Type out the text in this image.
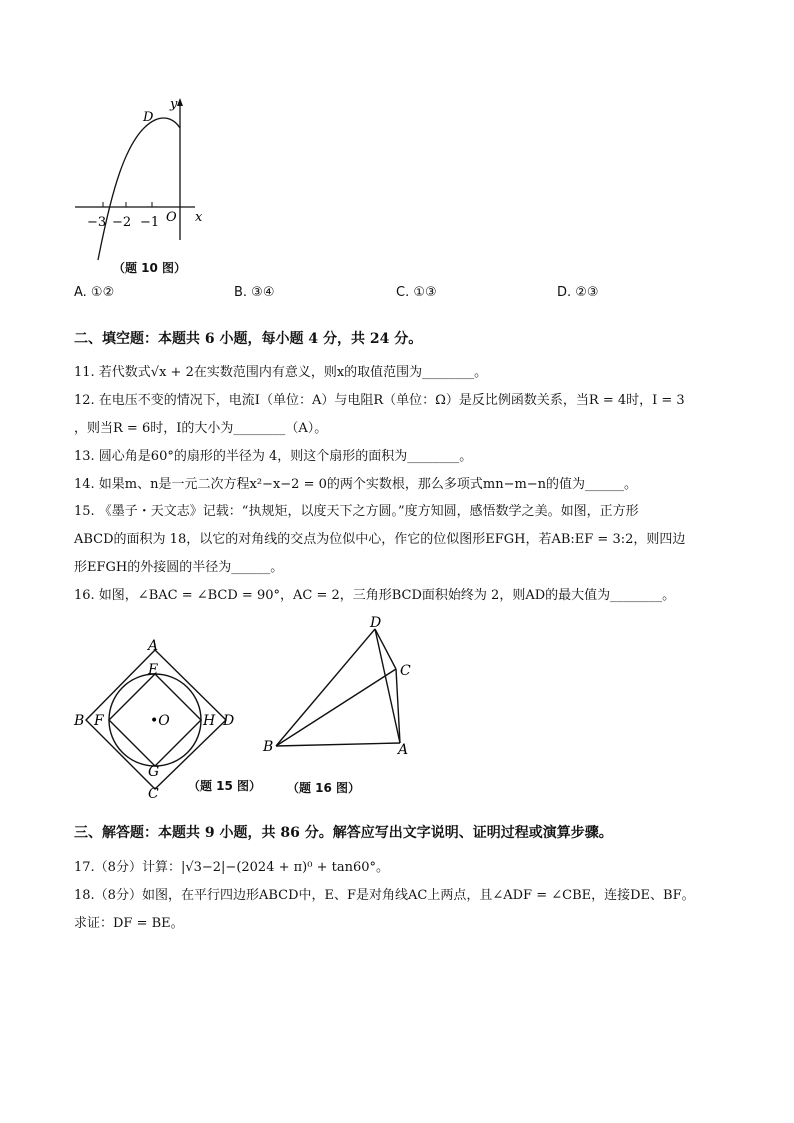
y
D
O x
−3 −2 −1
（题 10 图）
A. ①②	B. ③④	C. ①③	D. ②③
二、填空题：本题共 6 小题，每小题 4 分，共 24 分。
11. 若代数式√x + 2在实数范围内有意义，则x的取值范围为________。
12. 在电压不变的情况下，电流I（单位：A）与电阻R（单位：Ω）是反比例函数关系，当R = 4时，I = 3
，则当R = 6时，I的大小为________（A）。
13. 圆心角是60°的扇形的半径为 4，则这个扇形的面积为________。
14. 如果m、n是一元二次方程x²−x−2 = 0的两个实数根，那么多项式mn−m−n的值为______。
15. 《墨子・天文志》记载：“执规矩，以度天下之方圆。”度方知圆，感悟数学之美。如图，正方形
ABCD的面积为 18，以它的对角线的交点为位似中心，作它的位似图形EFGH，若AB:EF = 3:2，则四边
形EFGH的外接圆的半径为______。
16. 如图，∠BAC = ∠BCD = 90°，AC = 2，三角形BCD面积始终为 2，则AD的最大值为________。
A
E
B F	•O H D
G
C （题 15 图）
D
C
B	A
（题 16 图）
三、解答题：本题共 9 小题，共 86 分。解答应写出文字说明、证明过程或演算步骤。
17.（8分）计算：|√3−2|−(2024 + π)⁰ + tan60°。
18.（8分）如图，在平行四边形ABCD中，E、F是对角线AC上两点，且∠ADF = ∠CBE，连接DE、BF。
求证：DF = BE。
